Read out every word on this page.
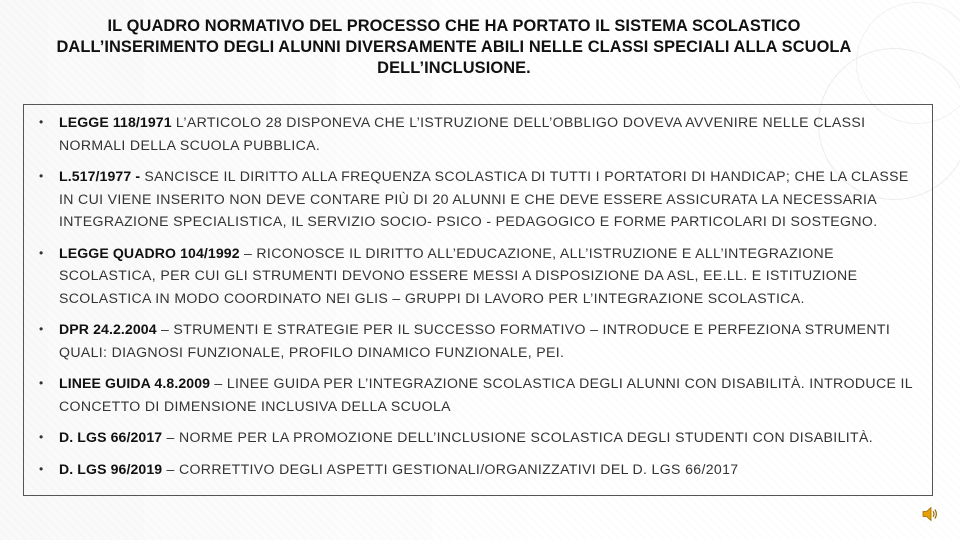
IL QUADRO NORMATIVO DEL PROCESSO CHE HA PORTATO IL SISTEMA SCOLASTICO DALL’INSERIMENTO DEGLI ALUNNI DIVERSAMENTE ABILI NELLE CLASSI SPECIALI ALLA SCUOLA DELL’INCLUSIONE.
• LEGGE 118/1971 L’ARTICOLO 28 DISPONEVA CHE L’ISTRUZIONE DELL’OBBLIGO DOVEVA AVVENIRE NELLE CLASSI NORMALI DELLA SCUOLA PUBBLICA.
• L.517/1977 - SANCISCE IL DIRITTO ALLA FREQUENZA SCOLASTICA DI TUTTI I PORTATORI DI HANDICAP; CHE LA CLASSE IN CUI VIENE INSERITO NON DEVE CONTARE PIÙ DI 20 ALUNNI E CHE DEVE ESSERE ASSICURATA LA NECESSARIA INTEGRAZIONE SPECIALISTICA, IL SERVIZIO SOCIO- PSICO - PEDAGOGICO E FORME PARTICOLARI DI SOSTEGNO.
• LEGGE QUADRO 104/1992 – RICONOSCE IL DIRITTO ALL’EDUCAZIONE, ALL’ISTRUZIONE E ALL’INTEGRAZIONE SCOLASTICA, PER CUI GLI STRUMENTI DEVONO ESSERE MESSI A DISPOSIZIONE DA ASL, EE.LL. E ISTITUZIONE SCOLASTICA IN MODO COORDINATO NEI GLIS – GRUPPI DI LAVORO PER L’INTEGRAZIONE SCOLASTICA.
• DPR 24.2.2004 – STRUMENTI E STRATEGIE PER IL SUCCESSO FORMATIVO – INTRODUCE E PERFEZIONA STRUMENTI QUALI: DIAGNOSI FUNZIONALE, PROFILO DINAMICO FUNZIONALE, PEI.
• LINEE GUIDA 4.8.2009 – LINEE GUIDA PER L’INTEGRAZIONE SCOLASTICA DEGLI ALUNNI CON DISABILITÀ. INTRODUCE IL CONCETTO DI DIMENSIONE INCLUSIVA DELLA SCUOLA
• D. LGS 66/2017 – NORME PER LA PROMOZIONE DELL’INCLUSIONE SCOLASTICA DEGLI STUDENTI CON DISABILITÀ.
• D. LGS 96/2019 – CORRETTIVO DEGLI ASPETTI GESTIONALI/ORGANIZZATIVI DEL D. LGS 66/2017
